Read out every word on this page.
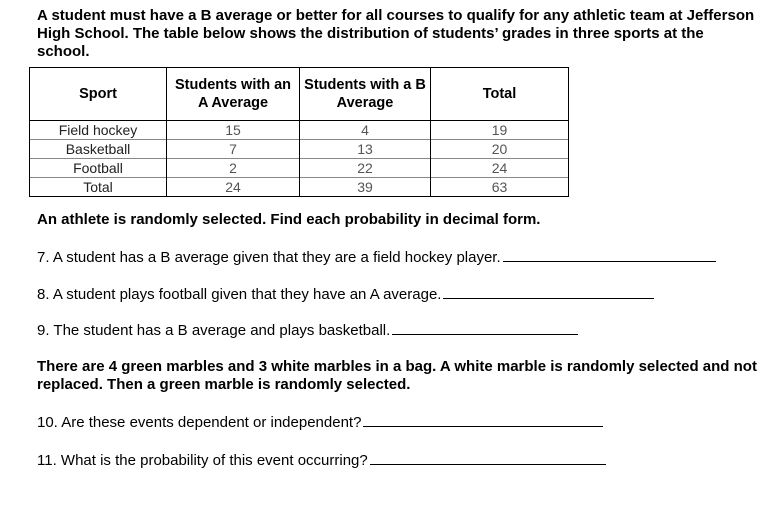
A student must have a B average or better for all courses to qualify for any athletic team at Jefferson High School. The table below shows the distribution of students’ grades in three sports at the school.
Sport	Students with an A Average	Students with a B Average	Total
Field hockey	15	4	19
Basketball	7	13	20
Football	2	22	24
Total	24	39	63
An athlete is randomly selected. Find each probability in decimal form.
7. A student has a B average given that they are a field hockey player.
8. A student plays football given that they have an A average.
9. The student has a B average and plays basketball.
There are 4 green marbles and 3 white marbles in a bag. A white marble is randomly selected and not replaced. Then a green marble is randomly selected.
10. Are these events dependent or independent?
11. What is the probability of this event occurring?
